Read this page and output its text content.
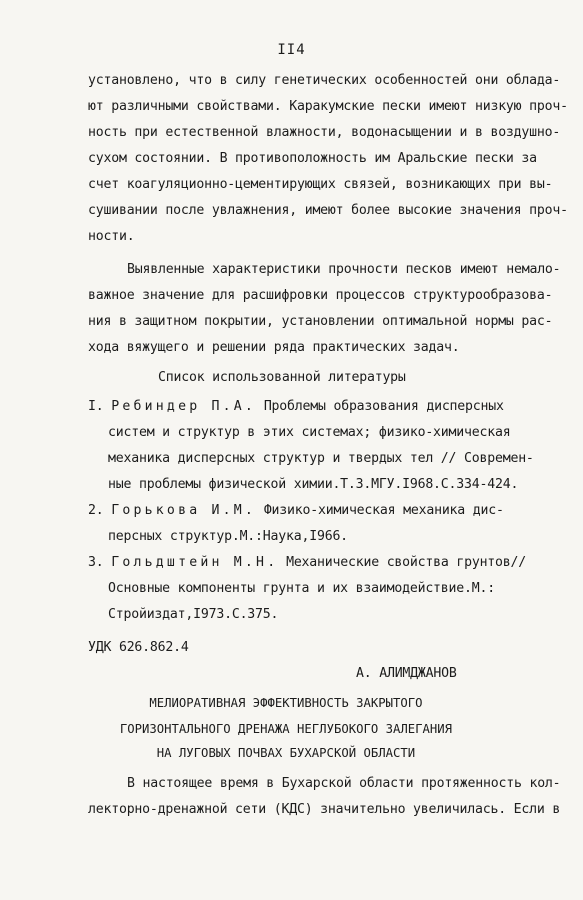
II4
установлено, что в силу генетических особенностей они облада-
ют различными свойствами. Каракумские пески имеют низкую проч-
ность при естественной влажности, водонасыщении и в воздушно-
сухом состоянии. В противоположность им Аральские пески за
счет коагуляционно-цементирующих связей, возникающих при вы-
сушивании после увлажнения, имеют более высокие значения проч-
ности.
Выявленные характеристики прочности песков имеют немало-
важное значение для расшифровки процессов структурообразова-
ния в защитном покрытии, установлении оптимальной нормы рас-
хода вяжущего и решении ряда практических задач.
Список использованной литературы
I. Ребиндер П.А. Проблемы образования дисперсных
систем и структур в этих системах; физико-химическая
механика дисперсных структур и твердых тел // Современ-
ные проблемы физической химии.Т.З.МГУ.I968.С.334-424.
2. Горькова И.М. Физико-химическая механика дис-
персных структур.М.:Наука,I966.
3. Гольдштейн М.Н. Механические свойства грунтов//
Основные компоненты грунта и их взаимодействие.М.:
Стройиздат,I973.С.375.
УДК 626.862.4
А. АЛИМДЖАНОВ
МЕЛИОРАТИВНАЯ ЭФФЕКТИВНОСТЬ ЗАКРЫТОГО
ГОРИЗОНТАЛЬНОГО ДРЕНАЖА НЕГЛУБОКОГО ЗАЛЕГАНИЯ
НА ЛУГОВЫХ ПОЧВАХ БУХАРСКОЙ ОБЛАСТИ
В настоящее время в Бухарской области протяженность кол-
лекторно-дренажной сети (КДС) значительно увеличилась. Если в
